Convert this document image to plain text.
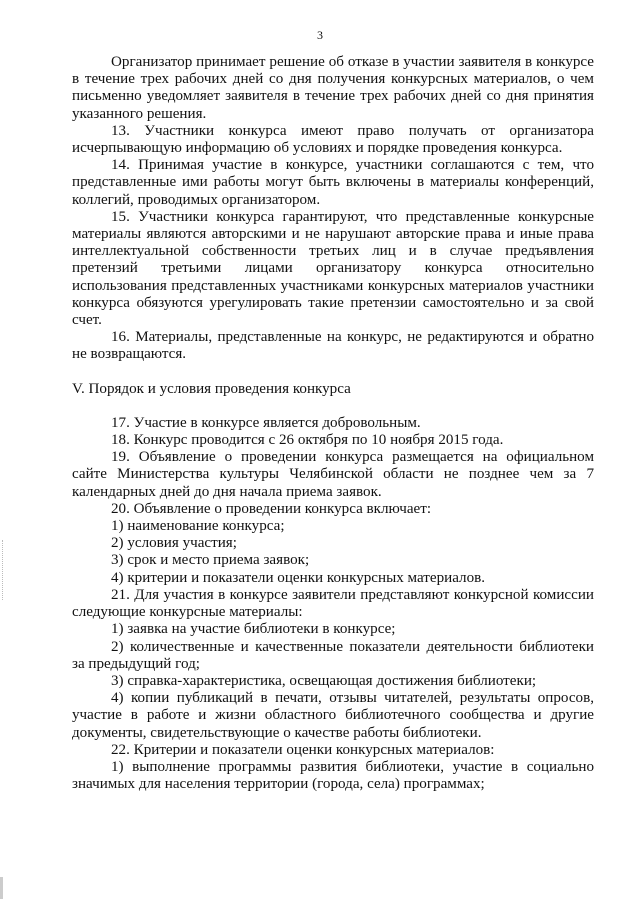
3

Организатор принимает решение об отказе в участии заявителя в конкурсе в течение трех рабочих дней со дня получения конкурсных материалов, о чем письменно уведомляет заявителя в течение трех рабочих дней со дня принятия указанного решения.

13. Участники конкурса имеют право получать от организатора исчерпывающую информацию об условиях и порядке проведения конкурса.

14. Принимая участие в конкурсе, участники соглашаются с тем, что представленные ими работы могут быть включены в материалы конференций, коллегий, проводимых организатором.

15. Участники конкурса гарантируют, что представленные конкурсные материалы являются авторскими и не нарушают авторские права и иные права интеллектуальной собственности третьих лиц и в случае предъявления претензий третьими лицами организатору конкурса относительно использования представленных участниками конкурсных материалов участники конкурса обязуются урегулировать такие претензии самостоятельно и за свой счет.

16. Материалы, представленные на конкурс, не редактируются и обратно не возвращаются.

V. Порядок и условия проведения конкурса

17. Участие в конкурсе является добровольным.

18. Конкурс проводится с 26 октября по 10 ноября 2015 года.

19. Объявление о проведении конкурса размещается на официальном сайте Министерства культуры Челябинской области не позднее чем за 7 календарных дней до дня начала приема заявок.

20. Объявление о проведении конкурса включает:

1) наименование конкурса;

2) условия участия;

3) срок и место приема заявок;

4) критерии и показатели оценки конкурсных материалов.

21. Для участия в конкурсе заявители представляют конкурсной комиссии следующие конкурсные материалы:

1) заявка на участие библиотеки в конкурсе;

2) количественные и качественные показатели деятельности библиотеки за предыдущий год;

3) справка-характеристика, освещающая достижения библиотеки;

4) копии публикаций в печати, отзывы читателей, результаты опросов, участие в работе и жизни областного библиотечного сообщества и другие документы, свидетельствующие о качестве работы библиотеки.

22. Критерии и показатели оценки конкурсных материалов:

1) выполнение программы развития библиотеки, участие в социально значимых для населения территории (города, села) программах;
